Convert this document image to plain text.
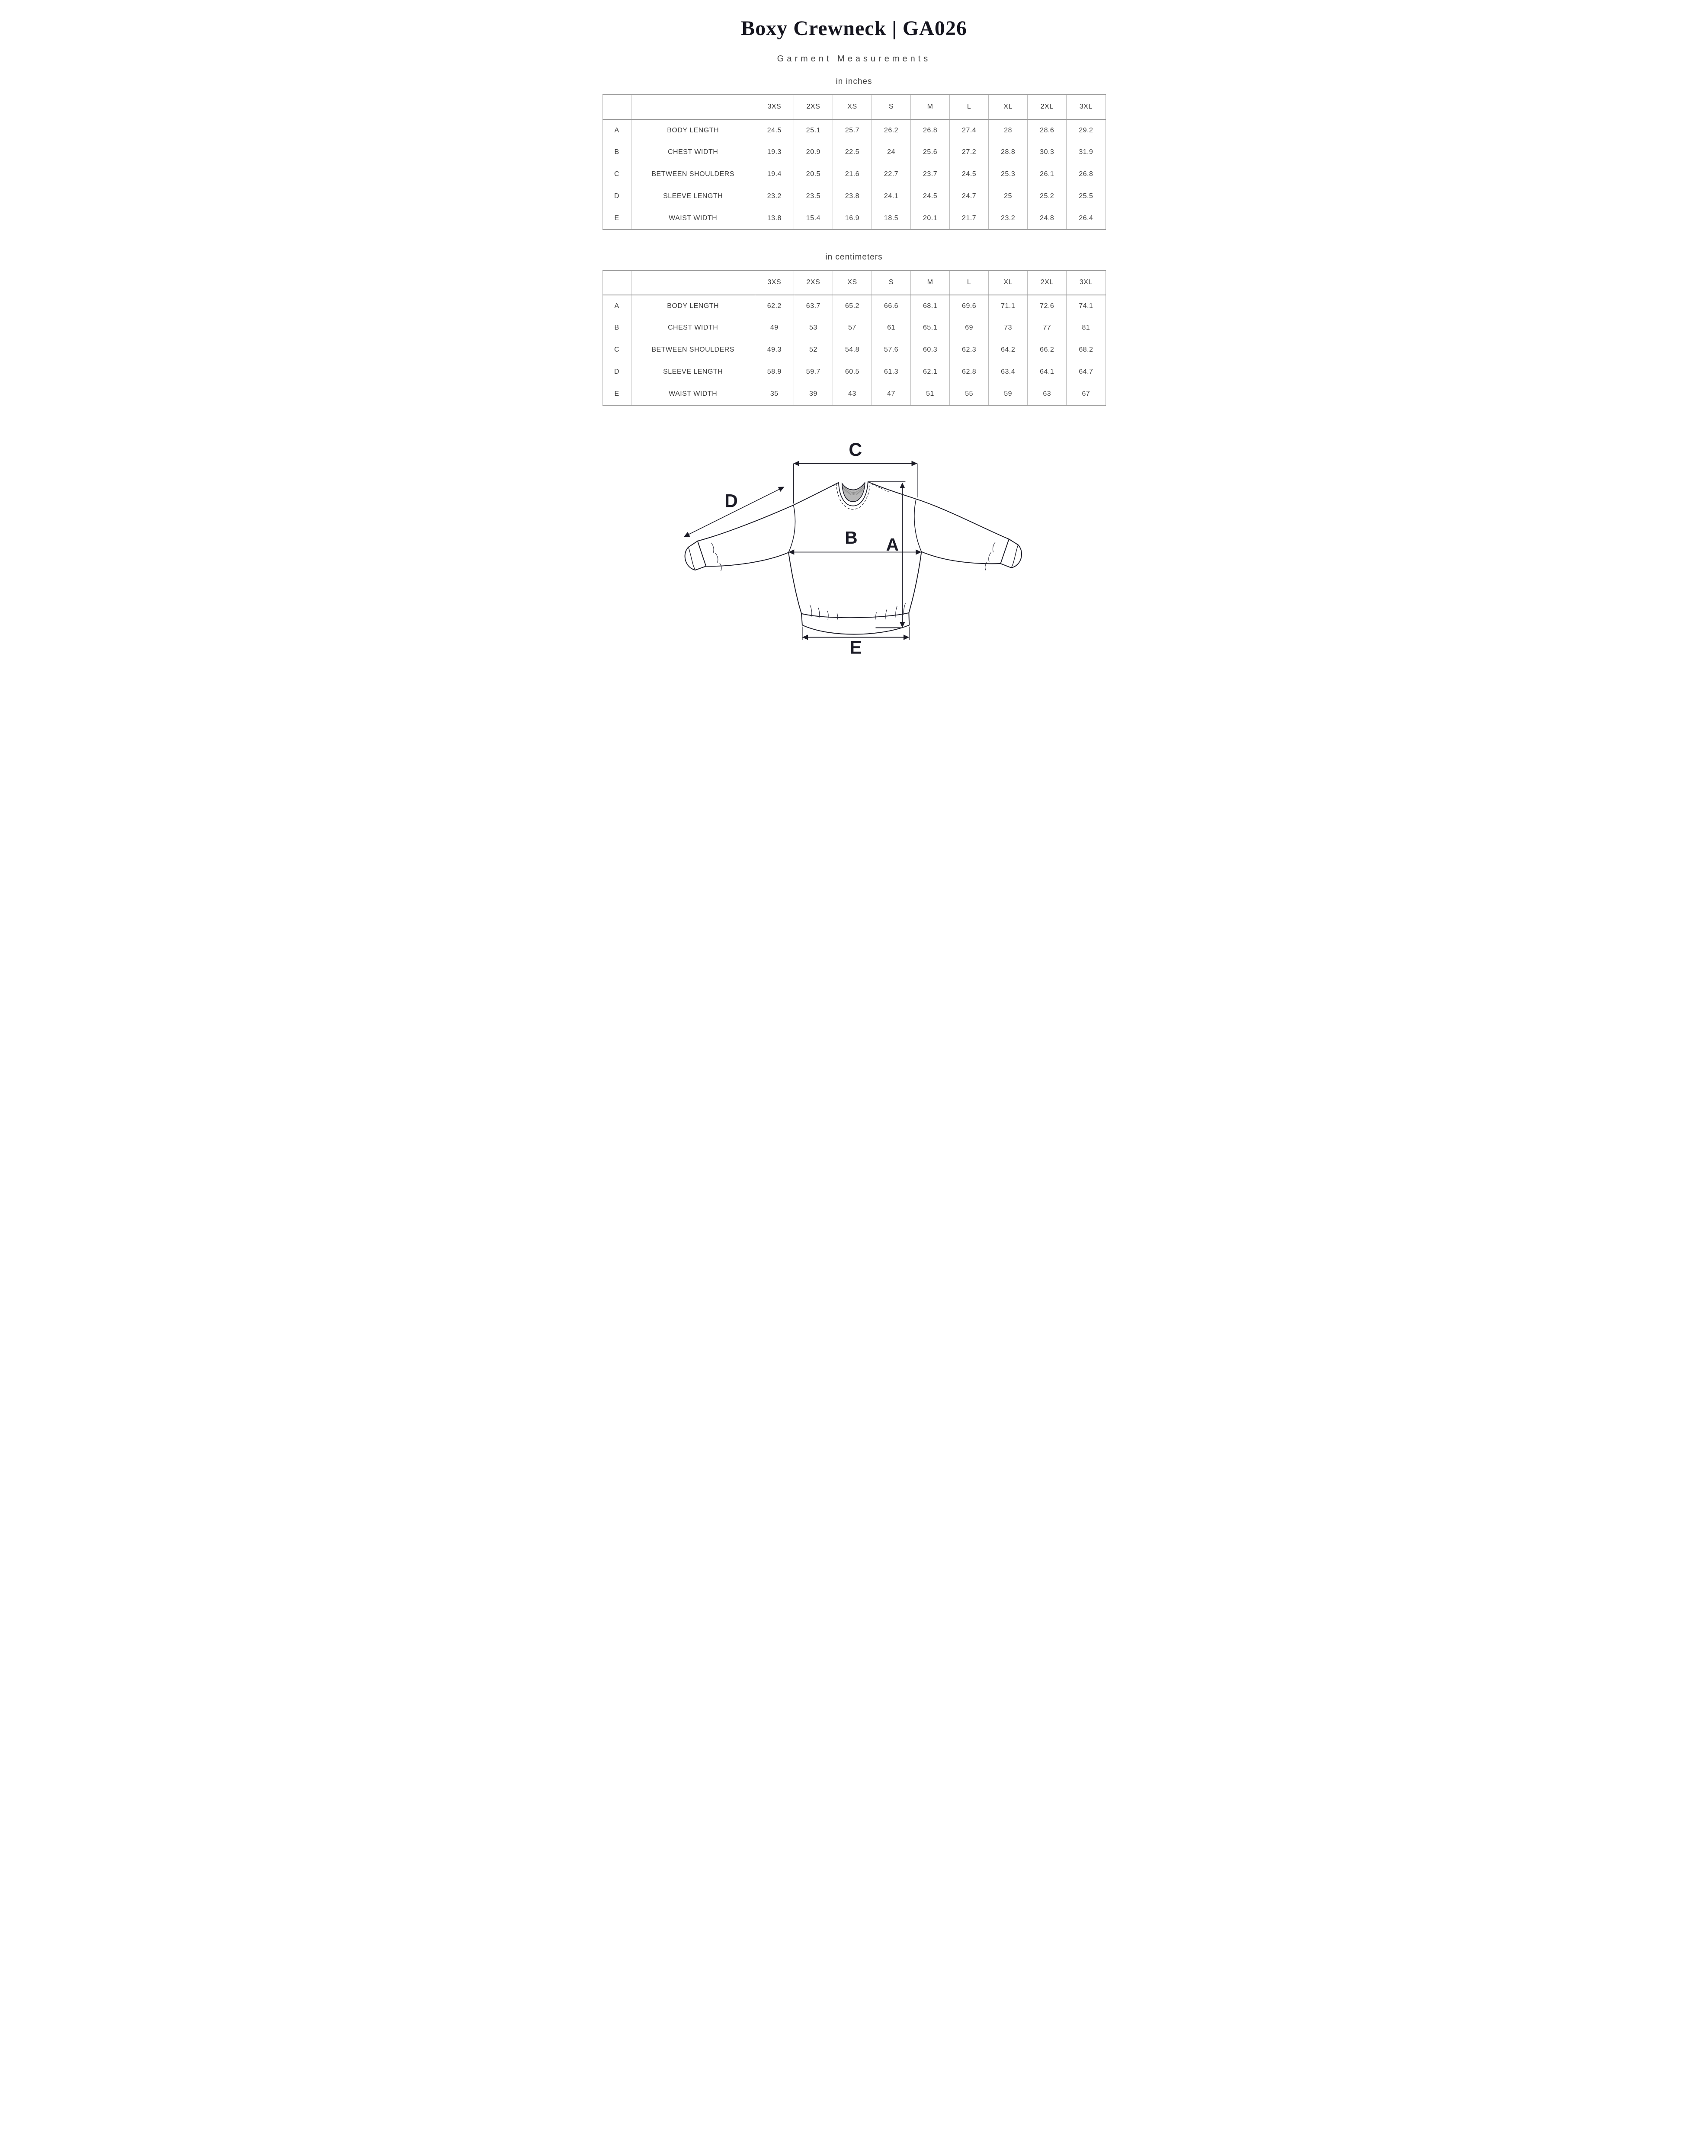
Boxy Crewneck | GA026
Garment Measurements
in inches
		3XS	2XS	XS	S	M	L	XL	2XL	3XL
A	BODY LENGTH	24.5	25.1	25.7	26.2	26.8	27.4	28	28.6	29.2
B	CHEST WIDTH	19.3	20.9	22.5	24	25.6	27.2	28.8	30.3	31.9
C	BETWEEN SHOULDERS	19.4	20.5	21.6	22.7	23.7	24.5	25.3	26.1	26.8
D	SLEEVE LENGTH	23.2	23.5	23.8	24.1	24.5	24.7	25	25.2	25.5
E	WAIST WIDTH	13.8	15.4	16.9	18.5	20.1	21.7	23.2	24.8	26.4
in centimeters
		3XS	2XS	XS	S	M	L	XL	2XL	3XL
A	BODY LENGTH	62.2	63.7	65.2	66.6	68.1	69.6	71.1	72.6	74.1
B	CHEST WIDTH	49	53	57	61	65.1	69	73	77	81
C	BETWEEN SHOULDERS	49.3	52	54.8	57.6	60.3	62.3	64.2	66.2	68.2
D	SLEEVE LENGTH	58.9	59.7	60.5	61.3	62.1	62.8	63.4	64.1	64.7
E	WAIST WIDTH	35	39	43	47	51	55	59	63	67
A
B
C
D
E
